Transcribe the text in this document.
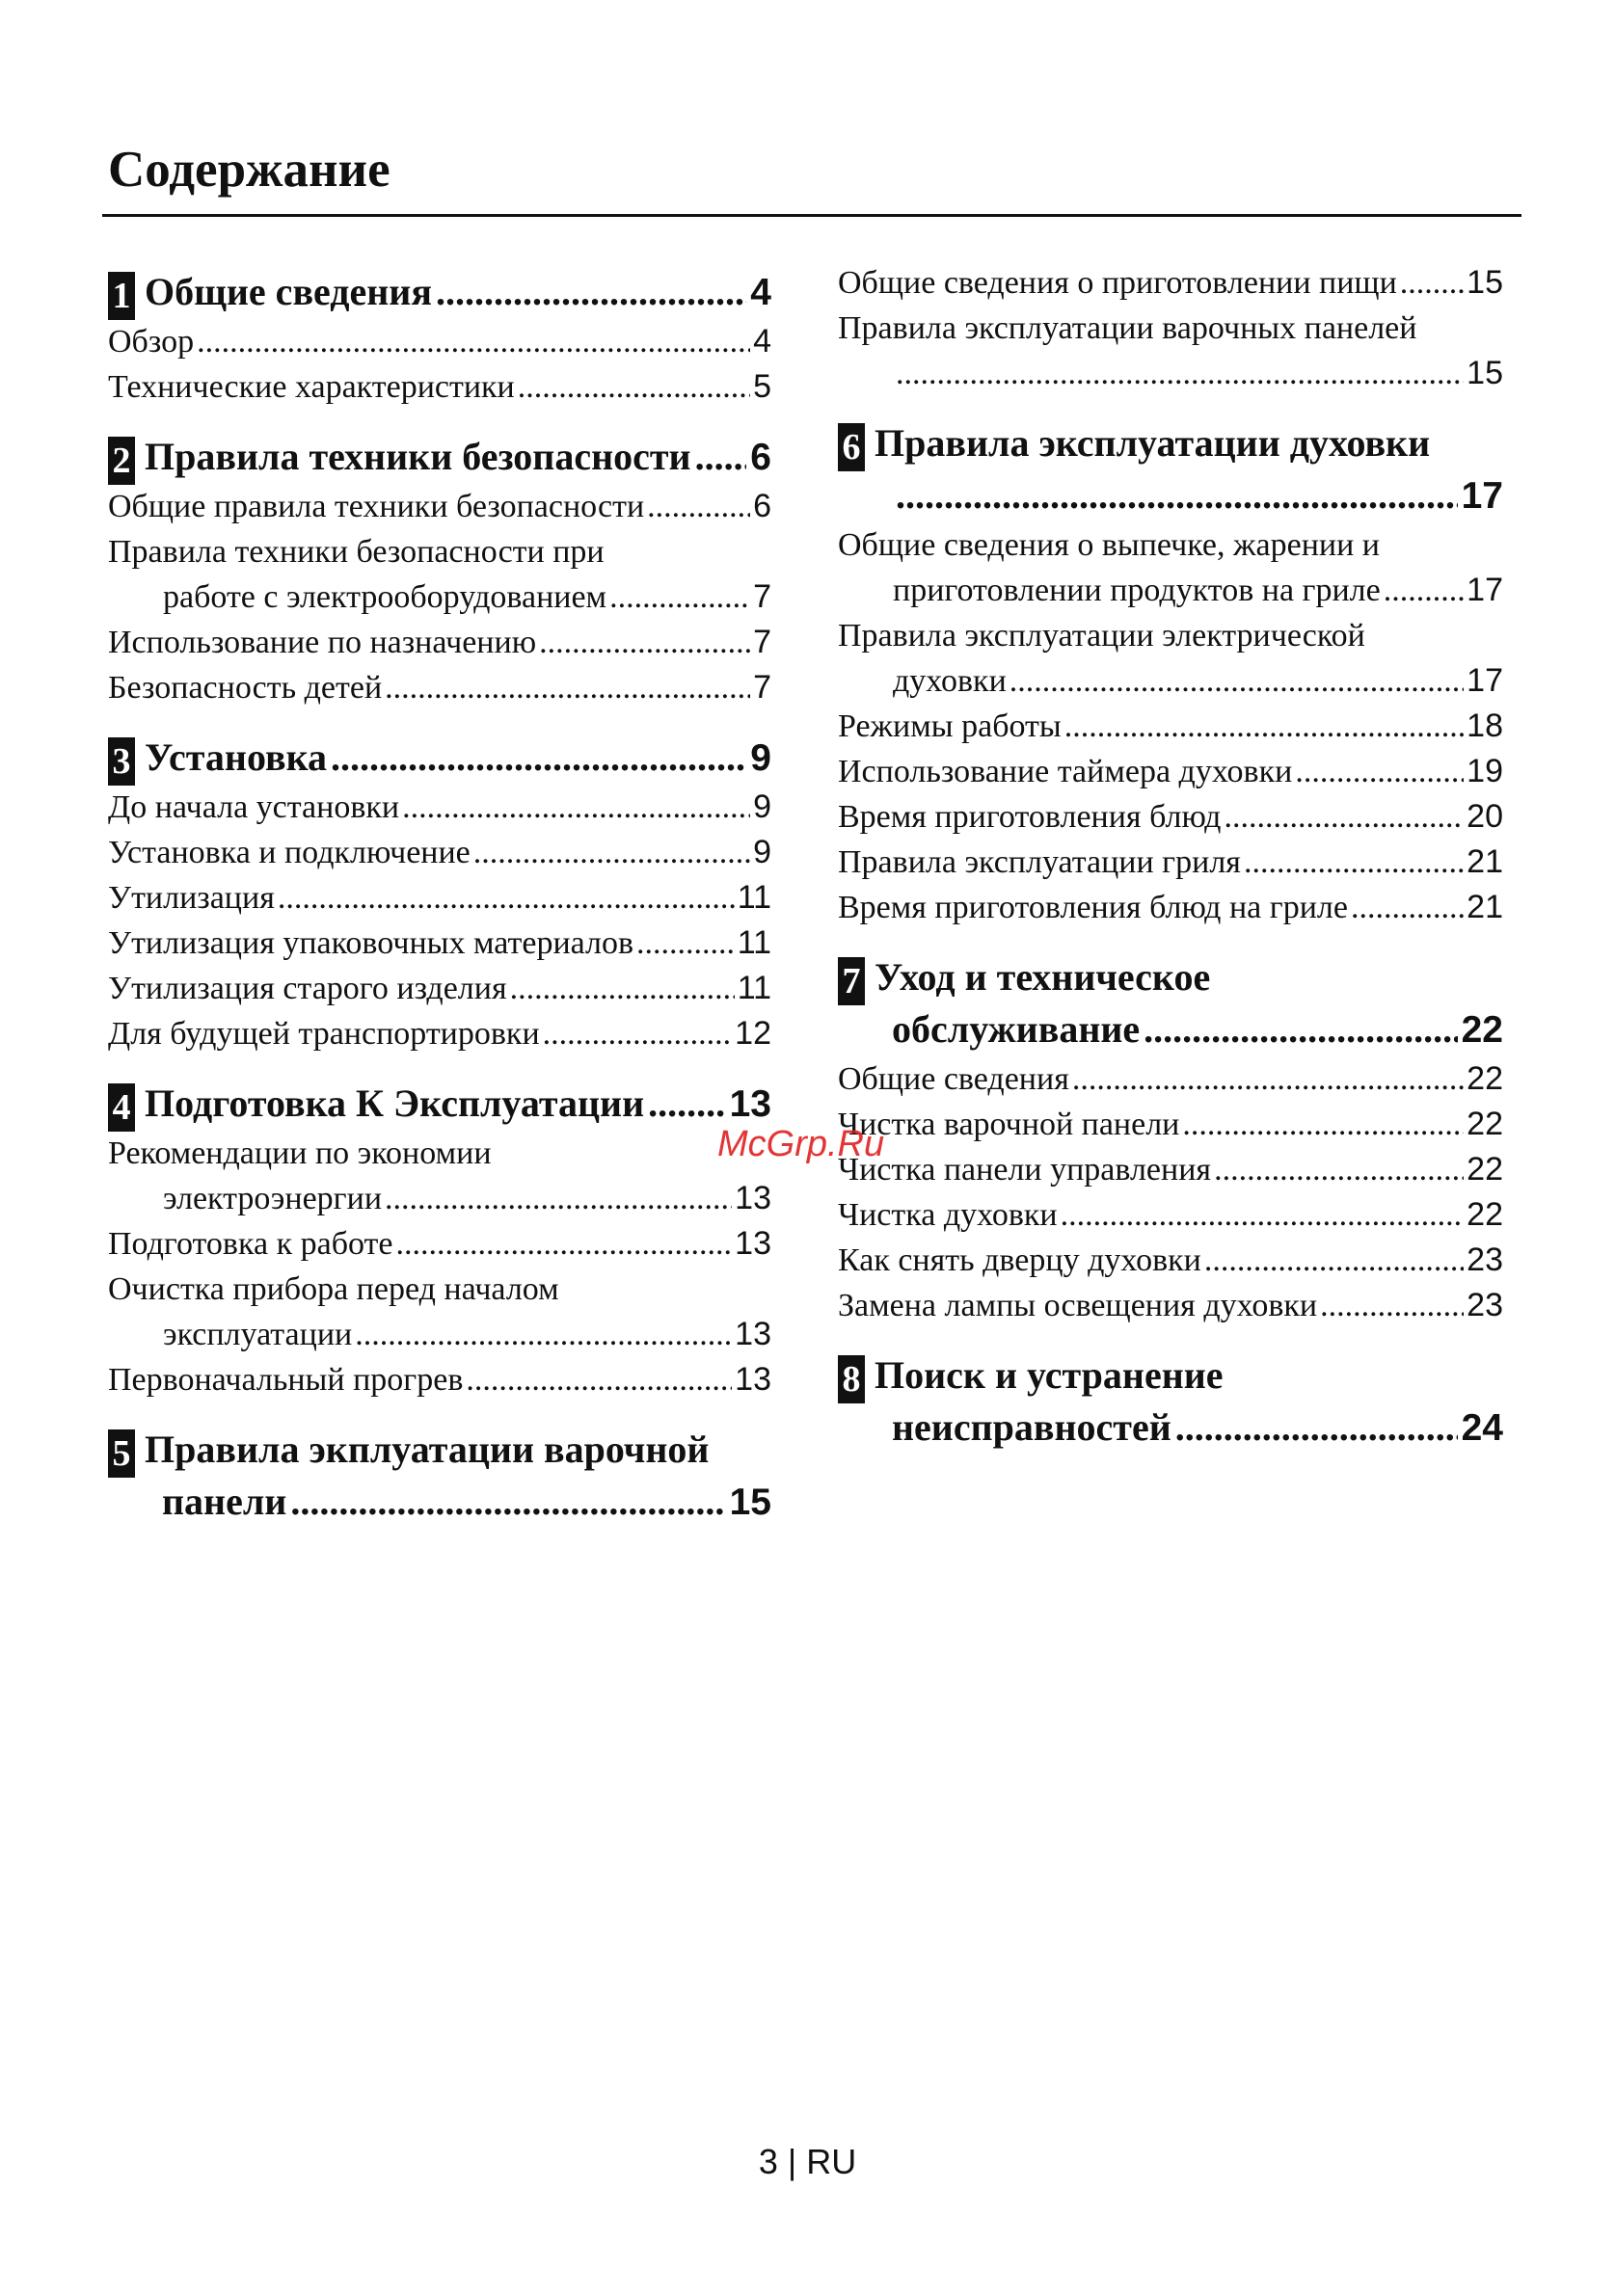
Содержание
1 Общие сведения .....	4
Обзор .....	4
Технические характеристики .....	5
2 Правила техники безопасности ..... 6
Общие правила техники безопасности .....	6
Правила техники безопасности при
работе с электрооборудованием .....	7
Использование по назначению .....	7
Безопасность детей .....	7
3 Установка .....	9
До начала установки .....	9
Установка и подключение .....	9
Утилизация .....	11
Утилизация упаковочных материалов .....	11
Утилизация старого изделия .....	11
Для будущей транспортировки .....	12
4 Подготовка К Эксплуатации ..... 13
Рекомендации по экономии
электроэнергии .....	13
Подготовка к работе .....	13
Очистка прибора перед началом
эксплуатации .....	13
Первоначальный прогрев .....	13
5 Правила экплуатации варочной
панели .....	15
Общие сведения о приготовлении пищи ..... 15
Правила эксплуатации варочных панелей
.....
15
6 Правила эксплуатации духовки
.....
17
Общие сведения о выпечке, жарении и
приготовлении продуктов на гриле .....	17
Правила эксплуатации электрической
духовки .....	17
Режимы работы .....	18
Использование таймера духовки .....	19
Время приготовления блюд .....	20
Правила эксплуатации гриля .....	21
Время приготовления блюд на гриле .....	21
7 Уход и техническое
обслуживание .....	22
Общие сведения .....	22
Чистка варочной панели .....	22
Чистка панели управления .....	22
Чистка духовки .....	22
Как снять дверцу духовки .....	23
Замена лампы освещения духовки .....	23
8 Поиск и устранение
неисправностей .....	24
McGrp.Ru
3 | RU
